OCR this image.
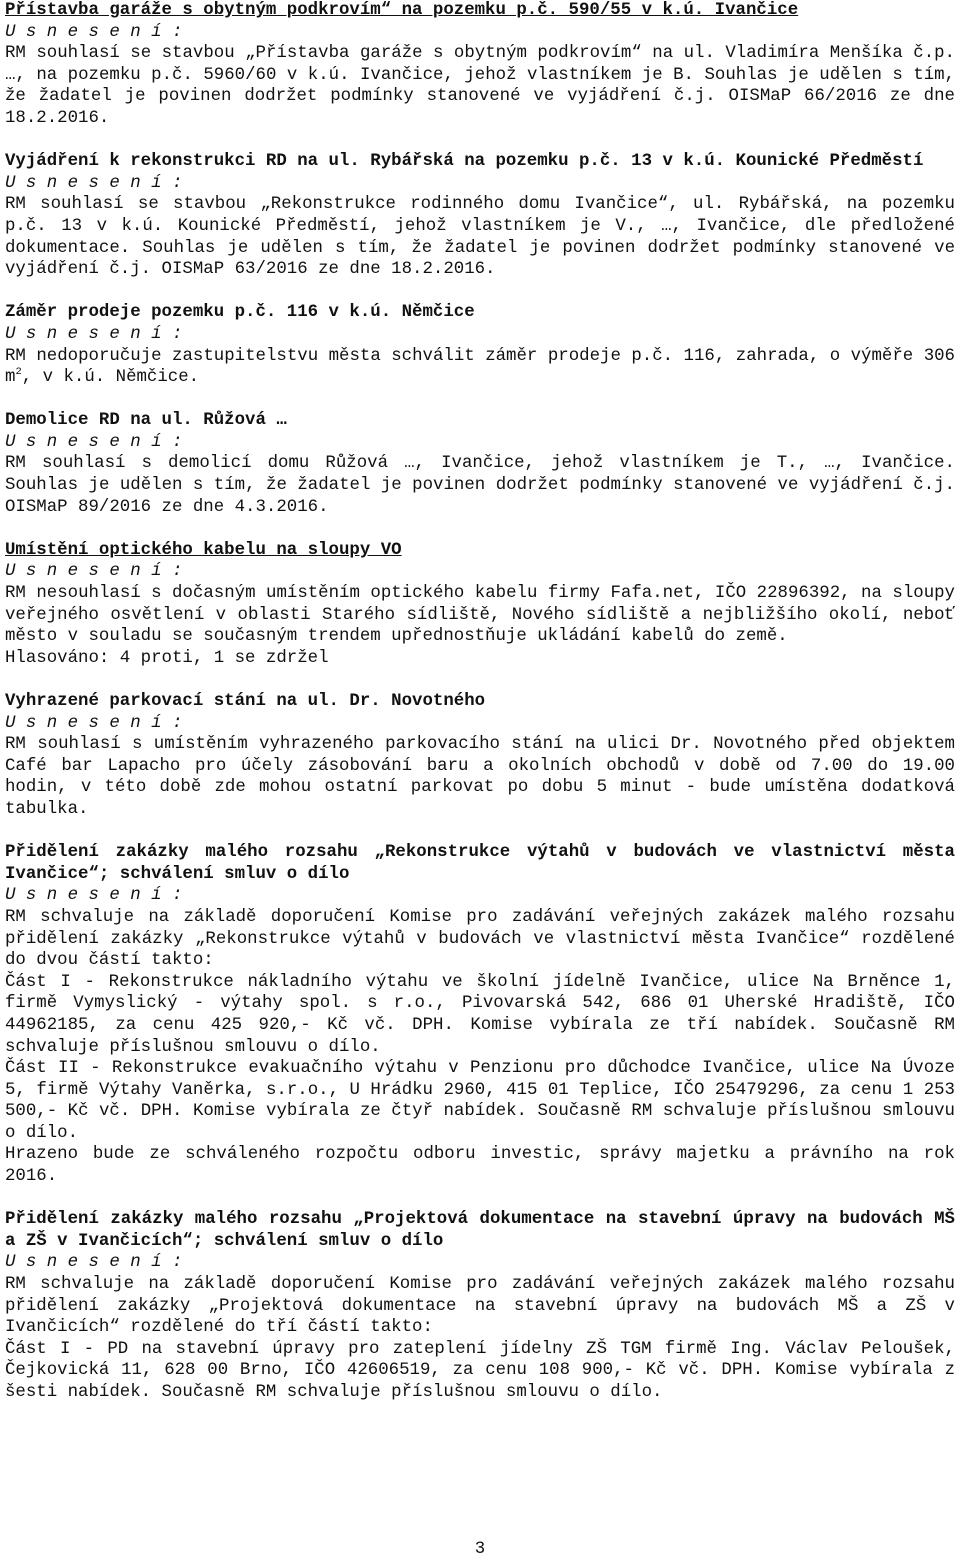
Přístavba garáže s obytným podkrovím“ na pozemku p.č. 590/55 v k.ú. Ivančice

U s n e s e n í :

RM souhlasí se stavbou „Přístavba garáže s obytným podkrovím“ na ul. Vladimíra Menšíka č.p. …, na pozemku p.č. 5960/60 v k.ú. Ivančice, jehož vlastníkem je B. Souhlas je udělen s tím, že žadatel je povinen dodržet podmínky stanovené ve vyjádření č.j. OISMaP 66/2016 ze dne 18.2.2016.

Vyjádření k rekonstrukci RD na ul. Rybářská na pozemku p.č. 13 v k.ú. Kounické Předměstí

U s n e s e n í :

RM souhlasí se stavbou „Rekonstrukce rodinného domu Ivančice“, ul. Rybářská, na pozemku p.č. 13 v k.ú. Kounické Předměstí, jehož vlastníkem je V., …, Ivančice, dle předložené dokumentace. Souhlas je udělen s tím, že žadatel je povinen dodržet podmínky stanovené ve vyjádření č.j. OISMaP 63/2016 ze dne 18.2.2016.

Záměr prodeje pozemku p.č. 116 v k.ú. Němčice

U s n e s e n í :

RM nedoporučuje zastupitelstvu města schválit záměr prodeje p.č. 116, zahrada, o výměře 306 $m^2$, v k.ú. Němčice.

Demolice RD na ul. Růžová …

U s n e s e n í :

RM souhlasí s demolicí domu Růžová …, Ivančice, jehož vlastníkem je T., …, Ivančice. Souhlas je udělen s tím, že žadatel je povinen dodržet podmínky stanovené ve vyjádření č.j. OISMaP 89/2016 ze dne 4.3.2016.

Umístění optického kabelu na sloupy VO

U s n e s e n í :

RM nesouhlasí s dočasným umístěním optického kabelu firmy Fafa.net, IČO 22896392, na sloupy veřejného osvětlení v oblasti Starého sídliště, Nového sídliště a nejbližšího okolí, neboť město v souladu se současným trendem upřednostňuje ukládání kabelů do země.

Hlasováno: 4 proti, 1 se zdržel

Vyhrazené parkovací stání na ul. Dr. Novotného

U s n e s e n í :

RM souhlasí s umístěním vyhrazeného parkovacího stání na ulici Dr. Novotného před objektem Café bar Lapacho pro účely zásobování baru a okolních obchodů v době od 7.00 do 19.00 hodin, v této době zde mohou ostatní parkovat po dobu 5 minut - bude umístěna dodatková tabulka.

Přidělení zakázky malého rozsahu „Rekonstrukce výtahů v budovách ve vlastnictví města Ivančice“; schválení smluv o dílo

U s n e s e n í :

RM schvaluje na základě doporučení Komise pro zadávání veřejných zakázek malého rozsahu přidělení zakázky „Rekonstrukce výtahů v budovách ve vlastnictví města Ivančice“ rozdělené do dvou částí takto:

Část I - Rekonstrukce nákladního výtahu ve školní jídelně Ivančice, ulice Na Brněnce 1, firmě Vymyslický - výtahy spol. s r.o., Pivovarská 542, 686 01 Uherské Hradiště, IČO 44962185, za cenu 425 920,- Kč vč. DPH. Komise vybírala ze tří nabídek. Současně RM schvaluje příslušnou smlouvu o dílo.

Část II - Rekonstrukce evakuačního výtahu v Penzionu pro důchodce Ivančice, ulice Na Úvoze 5, firmě Výtahy Vaněrka, s.r.o., U Hrádku 2960, 415 01 Teplice, IČO 25479296, za cenu 1 253 500,- Kč vč. DPH. Komise vybírala ze čtyř nabídek. Současně RM schvaluje příslušnou smlouvu o dílo.

Hrazeno bude ze schváleného rozpočtu odboru investic, správy majetku a právního na rok 2016.

Přidělení zakázky malého rozsahu „Projektová dokumentace na stavební úpravy na budovách MŠ a ZŠ v Ivančicích“; schválení smluv o dílo

U s n e s e n í :

RM schvaluje na základě doporučení Komise pro zadávání veřejných zakázek malého rozsahu přidělení zakázky „Projektová dokumentace na stavební úpravy na budovách MŠ a ZŠ v Ivančicích“ rozdělené do tří částí takto:

Část I - PD na stavební úpravy pro zateplení jídelny ZŠ TGM firmě Ing. Václav Peloušek, Čejkovická 11, 628 00 Brno, IČO 42606519, za cenu 108 900,- Kč vč. DPH. Komise vybírala z šesti nabídek. Současně RM schvaluje příslušnou smlouvu o dílo.

3
